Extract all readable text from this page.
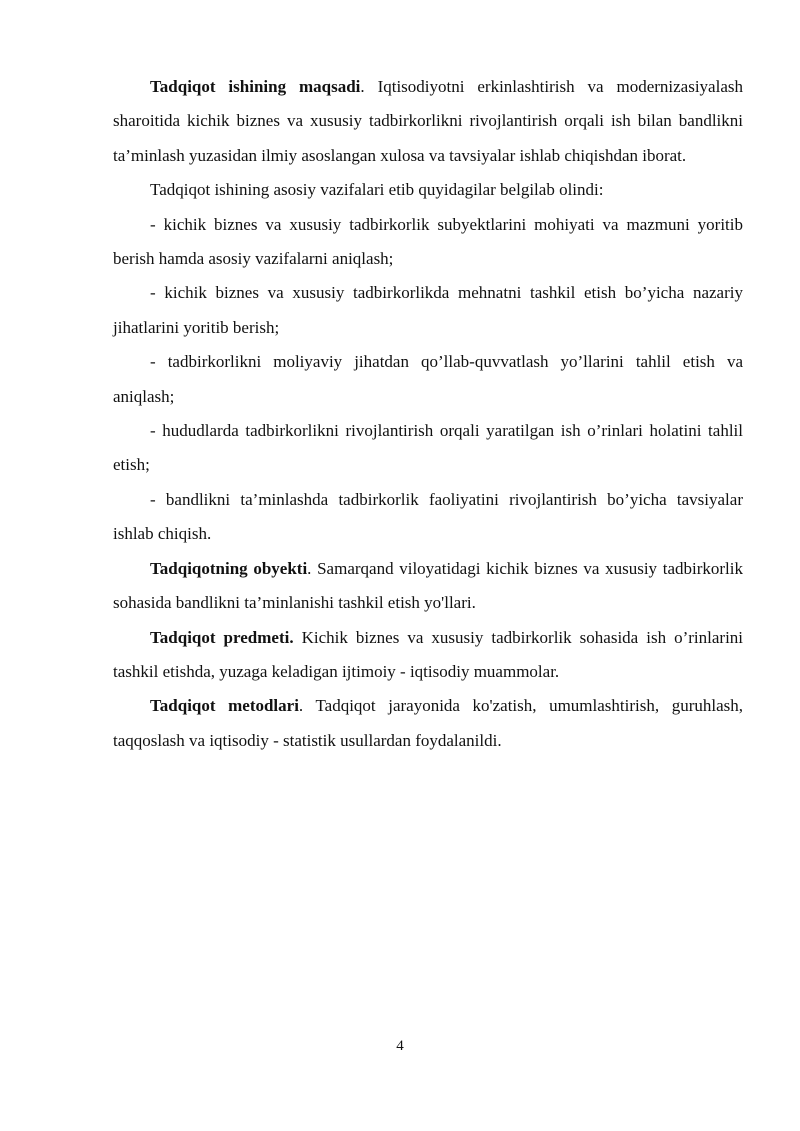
Tadqiqot ishining maqsadi. Iqtisodiyotni erkinlashtirish va modernizasiyalash sharoitida kichik biznes va xususiy tadbirkorlikni rivojlantirish orqali ish bilan bandlikni ta’minlash yuzasidan ilmiy asoslangan xulosa va tavsiyalar ishlab chiqishdan iborat.

Tadqiqot ishining asosiy vazifalari etib quyidagilar belgilab olindi:

- kichik biznes va xususiy tadbirkorlik subyektlarini mohiyati va mazmuni yoritib berish hamda asosiy vazifalarni aniqlash;

- kichik biznes va xususiy tadbirkorlikda mehnatni tashkil etish bo’yicha nazariy jihatlarini yoritib berish;

- tadbirkorlikni moliyaviy jihatdan qo’llab-quvvatlash yo’llarini tahlil etish va aniqlash;

- hududlarda tadbirkorlikni rivojlantirish orqali yaratilgan ish o’rinlari holatini tahlil etish;

- bandlikni ta’minlashda tadbirkorlik faoliyatini rivojlantirish bo’yicha tavsiyalar ishlab chiqish.

Tadqiqotning obyekti. Samarqand viloyatidagi kichik biznes va xususiy tadbirkorlik sohasida bandlikni ta’minlanishi tashkil etish yo'llari.

Tadqiqot predmeti. Kichik biznes va xususiy tadbirkorlik sohasida ish o’rinlarini tashkil etishda, yuzaga keladigan ijtimoiy - iqtisodiy muammolar.

Tadqiqot metodlari. Tadqiqot jarayonida ko'zatish, umumlashtirish, guruhlash, taqqoslash va iqtisodiy - statistik usullardan foydalanildi.

4
